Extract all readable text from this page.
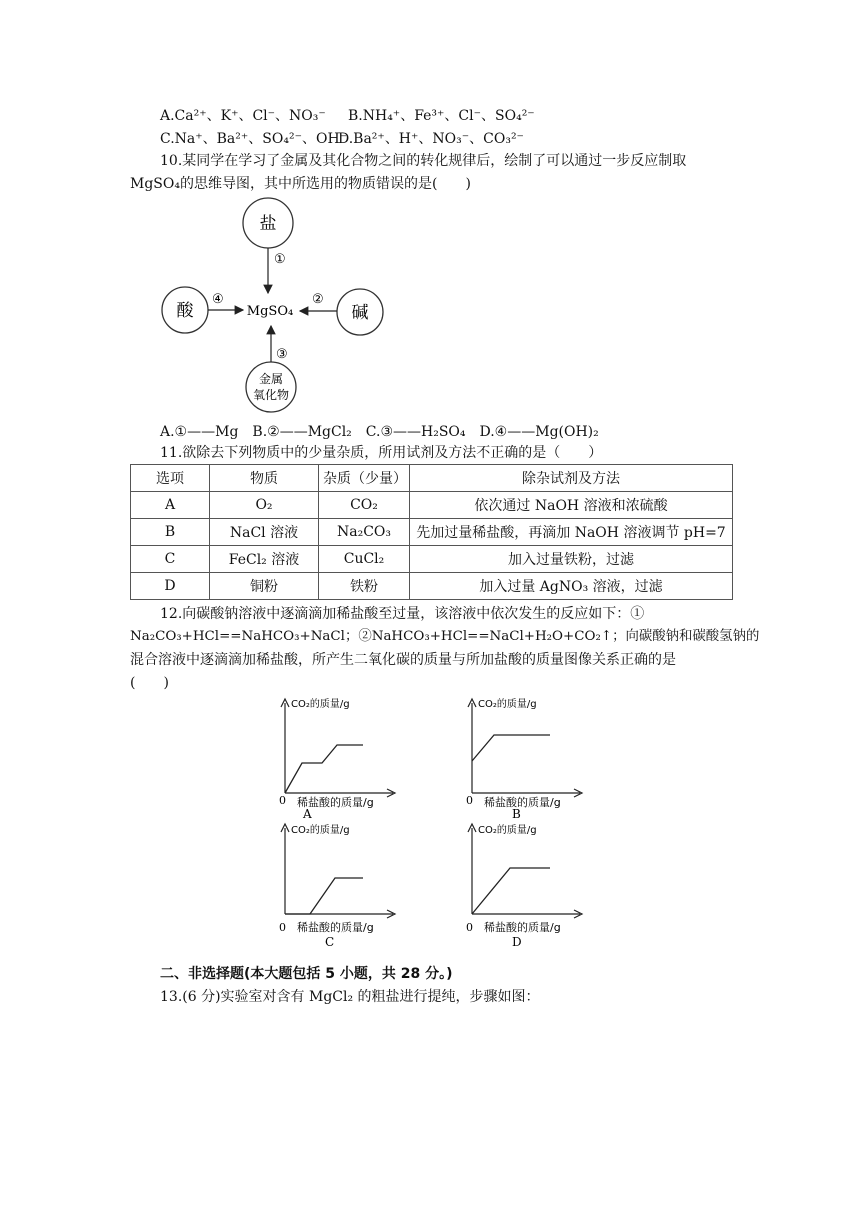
A.Ca²⁺、K⁺、Cl⁻、NO₃⁻ B.NH₄⁺、Fe³⁺、Cl⁻、SO₄²⁻
C.Na⁺、Ba²⁺、SO₄²⁻、OH⁻D.Ba²⁺、H⁺、NO₃⁻、CO₃²⁻
10.某同学在学习了金属及其化合物之间的转化规律后，绘制了可以通过一步反应制取
MgSO₄的思维导图，其中所选用的物质错误的是(　　)
盐
酸	碱
金属
氧化物
MgSO₄
①
④	②
③
A.①——Mg　B.②——MgCl₂　C.③——H₂SO₄　D.④——Mg(OH)₂
11.欲除去下列物质中的少量杂质，所用试剂及方法不正确的是（　　）
选项	物质	杂质（少量）	除杂试剂及方法
A	O₂	CO₂	依次通过 NaOH 溶液和浓硫酸
B	NaCl 溶液	Na₂CO₃	先加过量稀盐酸，再滴加 NaOH 溶液调节 pH=7
C	FeCl₂ 溶液	CuCl₂	加入过量铁粉，过滤
D	铜粉	铁粉	加入过量 AgNO₃ 溶液，过滤
12.向碳酸钠溶液中逐滴滴加稀盐酸至过量，该溶液中依次发生的反应如下：①
Na₂CO₃+HCl==NaHCO₃+NaCl；②NaHCO₃+HCl==NaCl+H₂O+CO₂↑；向碳酸钠和碳酸氢钠的
混合溶液中逐滴滴加稀盐酸，所产生二氧化碳的质量与所加盐酸的质量图像关系正确的是
(　　)
CO₂的质量/g
0 稀盐酸的质量/g
A
CO₂的质量/g
0 稀盐酸的质量/g
B
CO₂的质量/g
0 稀盐酸的质量/g
C
CO₂的质量/g
0 稀盐酸的质量/g
D
二、非选择题(本大题包括 5 小题，共 28 分。)
13.(6 分)实验室对含有 MgCl₂ 的粗盐进行提纯，步骤如图：
